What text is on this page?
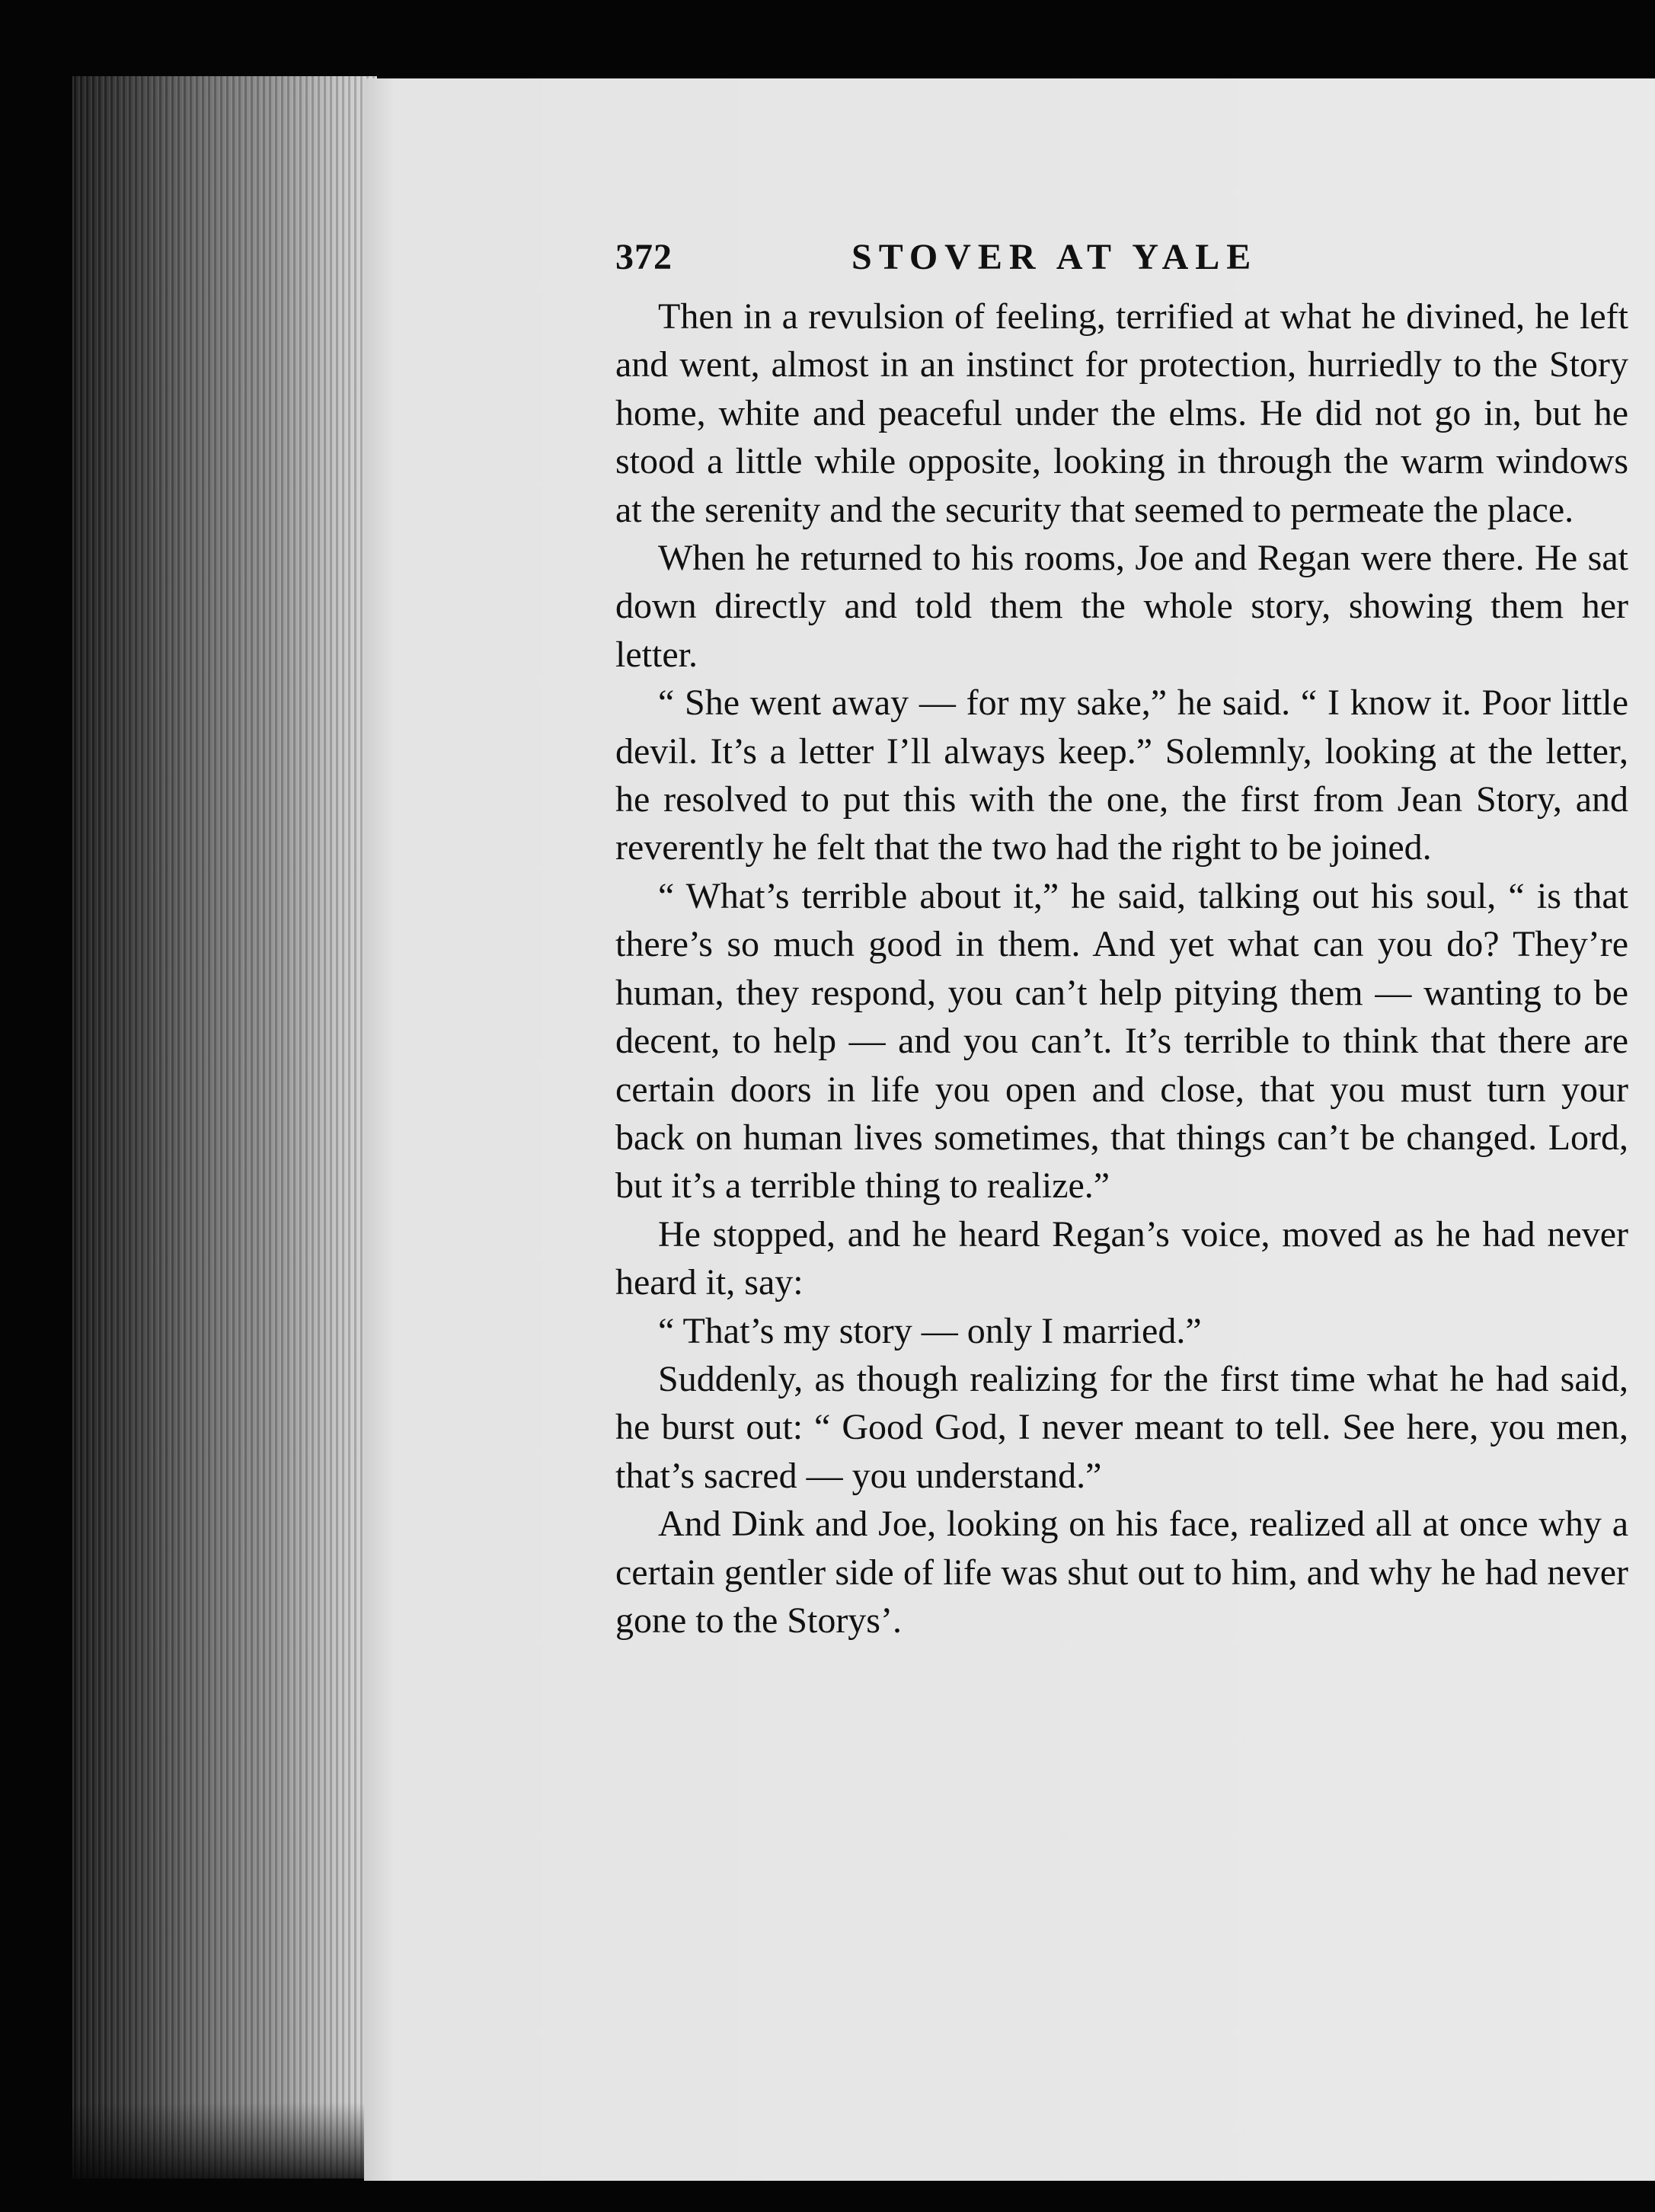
372	STOVER AT YALE

Then in a revulsion of feeling, terrified at what he divined, he left and went, almost in an instinct for protection, hurriedly to the Story home, white and peaceful under the elms. He did not go in, but he stood a little while opposite, looking in through the warm windows at the serenity and the security that seemed to permeate the place.

When he returned to his rooms, Joe and Regan were there. He sat down directly and told them the whole story, showing them her letter.

“ She went away — for my sake,” he said. “ I know it. Poor little devil. It’s a letter I’ll always keep.” Solemnly, looking at the letter, he resolved to put this with the one, the first from Jean Story, and reverently he felt that the two had the right to be joined.

“ What’s terrible about it,” he said, talking out his soul, “ is that there’s so much good in them. And yet what can you do? They’re human, they respond, you can’t help pitying them — wanting to be decent, to help — and you can’t. It’s terrible to think that there are certain doors in life you open and close, that you must turn your back on human lives sometimes, that things can’t be changed. Lord, but it’s a terrible thing to realize.”

He stopped, and he heard Regan’s voice, moved as he had never heard it, say:

“ That’s my story — only I married.”

Suddenly, as though realizing for the first time what he had said, he burst out: “ Good God, I never meant to tell. See here, you men, that’s sacred — you understand.”

And Dink and Joe, looking on his face, realized all at once why a certain gentler side of life was shut out to him, and why he had never gone to the Storys’.
